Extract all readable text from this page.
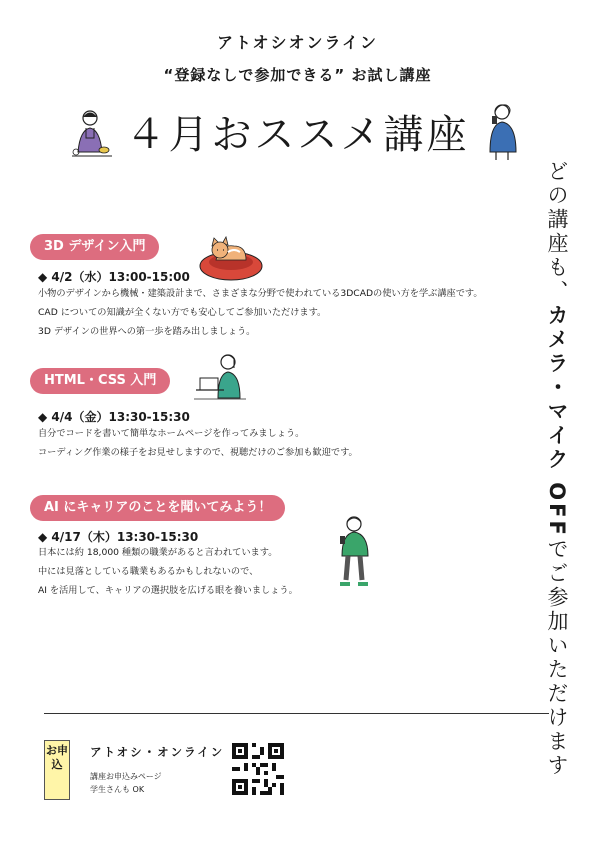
アトオシオンライン
“登録なしで参加できる” お試し講座
４月おススメ講座
どの講座も、カメラ・マイク OFFでご参加いただけます
3D デザイン入門
◆ 4/2（水）13:00-15:00
小物のデザインから機械・建築設計まで、さまざまな分野で使われている3DCADの使い方を学ぶ講座です。
CAD についての知識が全くない方でも安心してご参加いただけます。
3D デザインの世界への第一歩を踏み出しましょう。
HTML・CSS 入門
◆ 4/4（金）13:30-15:30
自分でコードを書いて簡単なホームページを作ってみましょう。
コーディング作業の様子をお見せしますので、視聴だけのご参加も歓迎です。
AI にキャリアのことを聞いてみよう！
◆ 4/17（木）13:30-15:30
日本には約 18,000 種類の職業があると言われています。
中には見落としている職業もあるかもしれないので、
AI を活用して、キャリアの選択肢を広げる眼を養いましょう。
お申込
アトオシ・オンライン
講座お申込みページ
学生さんも OK
